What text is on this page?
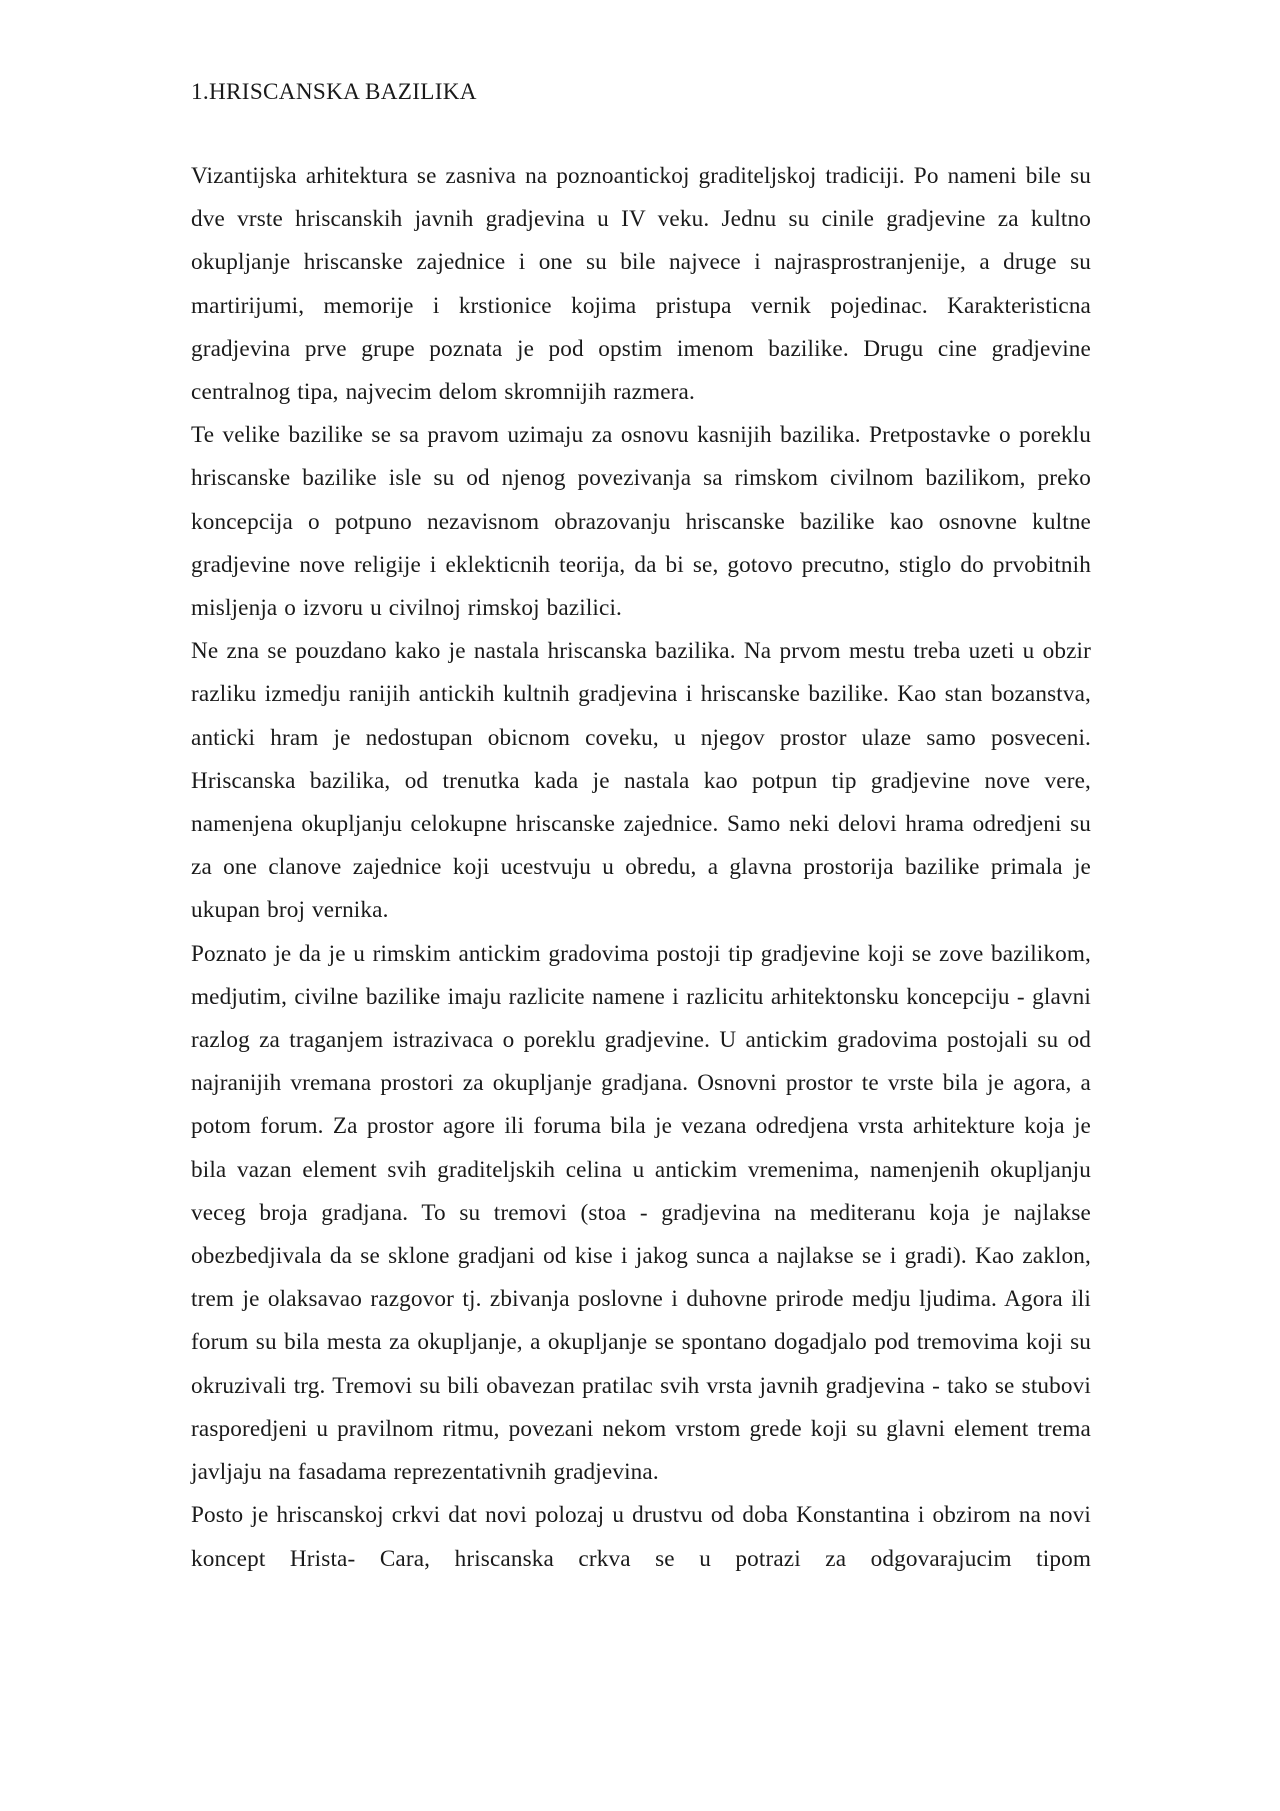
1.HRISCANSKA BAZILIKA

Vizantijska arhitektura se zasniva na poznoantickoj graditeljskoj tradiciji. Po nameni bile su dve vrste hriscanskih javnih gradjevina u IV veku. Jednu su cinile gradjevine za kultno okupljanje hriscanske zajednice i one su bile najvece i najrasprostranjenije, a druge su martirijumi, memorije i krstionice kojima pristupa vernik pojedinac. Karakteristicna gradjevina prve grupe poznata je pod opstim imenom bazilike. Drugu cine gradjevine centralnog tipa, najvecim delom skromnijih razmera.

Te velike bazilike se sa pravom uzimaju za osnovu kasnijih bazilika. Pretpostavke o poreklu hriscanske bazilike isle su od njenog povezivanja sa rimskom civilnom bazilikom, preko koncepcija o potpuno nezavisnom obrazovanju hriscanske bazilike kao osnovne kultne gradjevine nove religije i eklekticnih teorija, da bi se, gotovo precutno, stiglo do prvobitnih misljenja o izvoru u civilnoj rimskoj bazilici.

Ne zna se pouzdano kako je nastala hriscanska bazilika. Na prvom mestu treba uzeti u obzir razliku izmedju ranijih antickih kultnih gradjevina i hriscanske bazilike. Kao stan bozanstva, anticki hram je nedostupan obicnom coveku, u njegov prostor ulaze samo posveceni. Hriscanska bazilika, od trenutka kada je nastala kao potpun tip gradjevine nove vere, namenjena okupljanju celokupne hriscanske zajednice. Samo neki delovi hrama odredjeni su za one clanove zajednice koji ucestvuju u obredu, a glavna prostorija bazilike primala je ukupan broj vernika.

Poznato je da je u rimskim antickim gradovima postoji tip gradjevine koji se zove bazilikom, medjutim, civilne bazilike imaju razlicite namene i razlicitu arhitektonsku koncepciju - glavni razlog za traganjem istrazivaca o poreklu gradjevine. U antickim gradovima postojali su od najranijih vremana prostori za okupljanje gradjana. Osnovni prostor te vrste bila je agora, a potom forum. Za prostor agore ili foruma bila je vezana odredjena vrsta arhitekture koja je bila vazan element svih graditeljskih celina u antickim vremenima, namenjenih okupljanju veceg broja gradjana. To su tremovi (stoa - gradjevina na mediteranu koja je najlakse obezbedjivala da se sklone gradjani od kise i jakog sunca a najlakse se i gradi). Kao zaklon, trem je olaksavao razgovor tj. zbivanja poslovne i duhovne prirode medju ljudima. Agora ili forum su bila mesta za okupljanje, a okupljanje se spontano dogadjalo pod tremovima koji su okruzivali trg. Tremovi su bili obavezan pratilac svih vrsta javnih gradjevina - tako se stubovi rasporedjeni u pravilnom ritmu, povezani nekom vrstom grede koji su glavni element trema javljaju na fasadama reprezentativnih gradjevina.

Posto je hriscanskoj crkvi dat novi polozaj u drustvu od doba Konstantina i obzirom na novi koncept Hrista- Cara, hriscanska crkva se u potrazi za odgovarajucim tipom
